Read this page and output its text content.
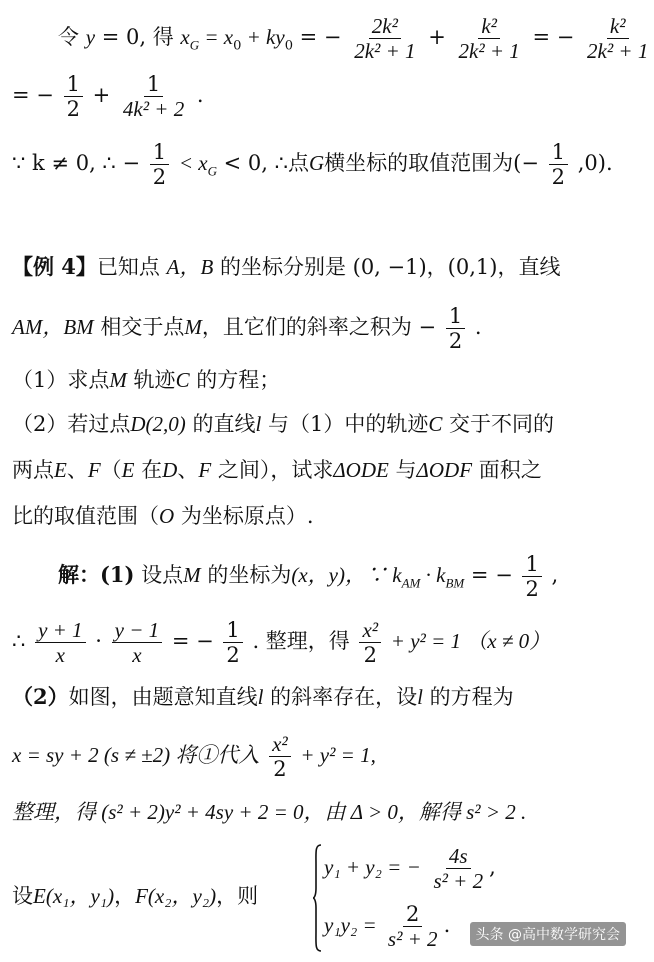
令 y = 0, 得 $x_G = x_0 + ky_0$ = − $\frac{\text{2k²}}{\text{2k² + 1}} + \frac{\text{k²}}{\text{2k² + 1}}$ = − $\frac{\text{k²}}{\text{2k² + 1}}$
= − $\frac{1}{2} + \frac{1}{\text{4k² + 2}}$ .
∵ k ≠ 0, ∴ − $\frac{1}{2} < x_G < 0$, ∴点G横坐标的取值范围为(− $\frac{1}{2} ,0$).
【例 4】已知点 A，B 的坐标分别是 (0, −1)，(0,1)，直线
AM，BM 相交于点M，且它们的斜率之积为 − $\frac{1}{2}$ .
（1）求点M 轨迹C 的方程；
（2）若过点D(2,0) 的直线l 与（1）中的轨迹C 交于不同的
两点E、F（E 在D、F 之间），试求ΔODE 与ΔODF 面积之
比的取值范围（O 为坐标原点）.
解：(1) 设点M 的坐标为(x，y)，∵ $k_{AM} \cdot k_{BM}$ = − $\frac{1}{2}$ ,
∴ $\frac{y + 1}{x} \cdot \frac{y - 1}{x}$ = − $\frac{1}{2}$ . 整理，得 $\frac{\text{x²}}{2} + y^2 = 1$ （x ≠ 0）
（2）如图，由题意知直线l 的斜率存在，设l 的方程为
x = sy + 2 (s ≠ ±2) 将①代入 $\frac{\text{x²}}{2} + y^2 = 1$,
整理，得 (s² + 2)y² + 4sy + 2 = 0，由 Δ > 0，解得 s² > 2 .
设E(x₁，y₁)，F(x₂，y₂)，则
y₁ + y₂ = − $\frac{4s}{\text{s² + 2}}$ ,
$y_1y_2 = \frac{2}{\text{s² + 2}}$ .	头条 @高中数学研究会
